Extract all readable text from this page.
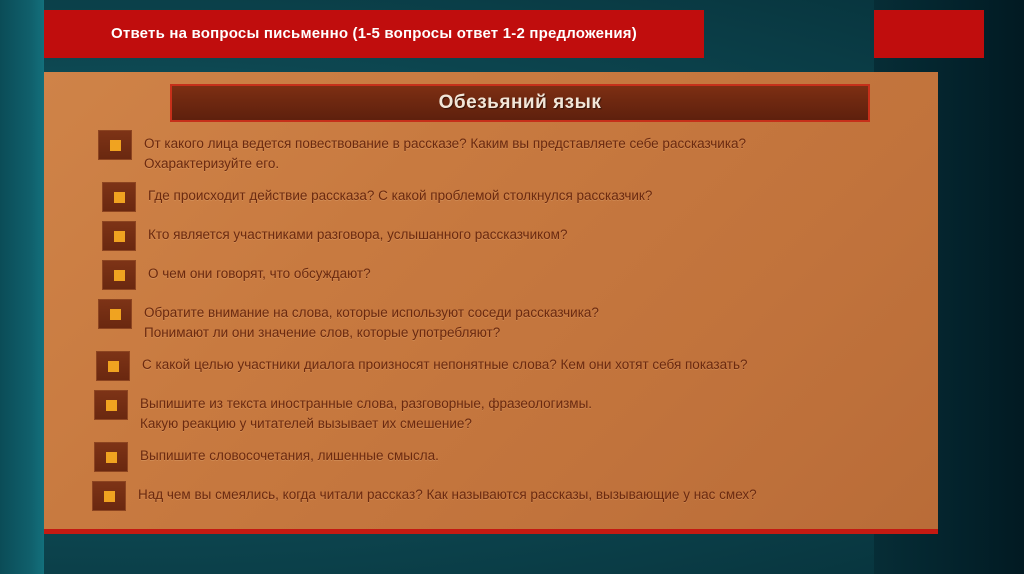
Ответь на вопросы письменно (1-5 вопросы ответ 1-2 предложения)
Обезьяний язык
От какого лица ведется повествование в рассказе? Каким вы представляете себе рассказчика?
Охарактеризуйте его.
Где происходит действие рассказа? С какой проблемой столкнулся рассказчик?
Кто является участниками разговора, услышанного рассказчиком?
О чем они говорят, что обсуждают?
Обратите внимание на слова, которые используют соседи рассказчика?
Понимают ли они значение слов, которые употребляют?
С какой целью участники диалога произносят непонятные слова? Кем они хотят себя показать?
Выпишите из текста иностранные слова, разговорные, фразеологизмы.
Какую реакцию у читателей вызывает их смешение?
Выпишите словосочетания, лишенные смысла.
Над чем вы смеялись, когда читали рассказ? Как называются рассказы, вызывающие у нас смех?
